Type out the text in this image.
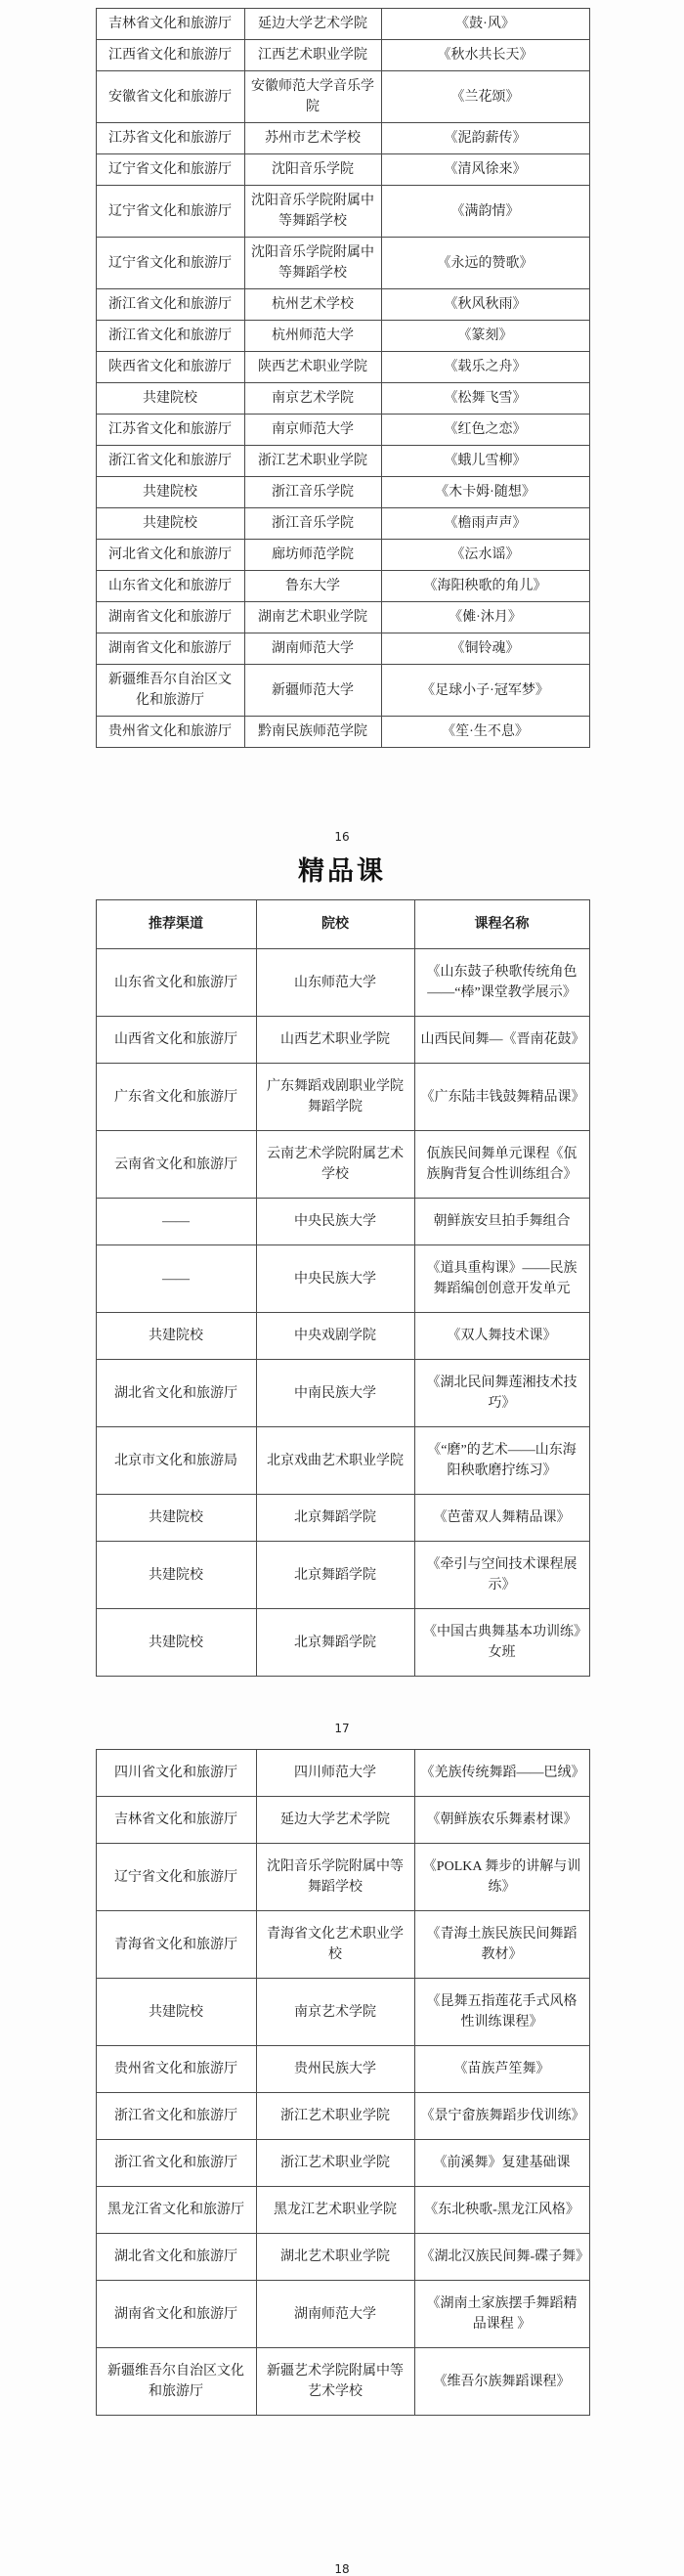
吉林省文化和旅游厅	延边大学艺术学院	《鼓·风》
江西省文化和旅游厅	江西艺术职业学院	《秋水共长天》
安徽省文化和旅游厅	安徽师范大学音乐学院	《兰花颂》
江苏省文化和旅游厅	苏州市艺术学校	《泥韵薪传》
辽宁省文化和旅游厅	沈阳音乐学院	《清风徐来》
辽宁省文化和旅游厅	沈阳音乐学院附属中等舞蹈学校	《满韵情》
辽宁省文化和旅游厅	沈阳音乐学院附属中等舞蹈学校	《永远的赞歌》
浙江省文化和旅游厅	杭州艺术学校	《秋风秋雨》
浙江省文化和旅游厅	杭州师范大学	《篆刻》
陕西省文化和旅游厅	陕西艺术职业学院	《载乐之舟》
共建院校	南京艺术学院	《松舞飞雪》
江苏省文化和旅游厅	南京师范大学	《红色之恋》
浙江省文化和旅游厅	浙江艺术职业学院	《蛾儿雪柳》
共建院校	浙江音乐学院	《木卡姆·随想》
共建院校	浙江音乐学院	《檐雨声声》
河北省文化和旅游厅	廊坊师范学院	《沄水谣》
山东省文化和旅游厅	鲁东大学	《海阳秧歌的角儿》
湖南省文化和旅游厅	湖南艺术职业学院	《傩·沐月》
湖南省文化和旅游厅	湖南师范大学	《铜铃魂》
新疆维吾尔自治区文化和旅游厅	新疆师范大学	《足球小子·冠军梦》
贵州省文化和旅游厅	黔南民族师范学院	《笙·生不息》
16
精品课
推荐渠道	院校	课程名称
山东省文化和旅游厅	山东师范大学	《山东鼓子秧歌传统角色——“棒”课堂教学展示》
山西省文化和旅游厅	山西艺术职业学院	山西民间舞—《晋南花鼓》
广东省文化和旅游厅	广东舞蹈戏剧职业学院舞蹈学院	《广东陆丰钱鼓舞精品课》
云南省文化和旅游厅	云南艺术学院附属艺术学校	佤族民间舞单元课程《佤族胸背复合性训练组合》
——	中央民族大学	朝鲜族安旦拍手舞组合
——	中央民族大学	《道具重构课》——民族舞蹈编创创意开发单元
共建院校	中央戏剧学院	《双人舞技术课》
湖北省文化和旅游厅	中南民族大学	《湖北民间舞莲湘技术技巧》
北京市文化和旅游局	北京戏曲艺术职业学院	《“磨”的艺术——山东海阳秧歌磨拧练习》
共建院校	北京舞蹈学院	《芭蕾双人舞精品课》
共建院校	北京舞蹈学院	《牵引与空间技术课程展示》
共建院校	北京舞蹈学院	《中国古典舞基本功训练》女班
17
四川省文化和旅游厅	四川师范大学	《羌族传统舞蹈——巴绒》
吉林省文化和旅游厅	延边大学艺术学院	《朝鲜族农乐舞素材课》
辽宁省文化和旅游厅	沈阳音乐学院附属中等舞蹈学校	《POLKA 舞步的讲解与训练》
青海省文化和旅游厅	青海省文化艺术职业学校	《青海土族民族民间舞蹈教材》
共建院校	南京艺术学院	《昆舞五指莲花手式风格性训练课程》
贵州省文化和旅游厅	贵州民族大学	《苗族芦笙舞》
浙江省文化和旅游厅	浙江艺术职业学院	《景宁畲族舞蹈步伐训练》
浙江省文化和旅游厅	浙江艺术职业学院	《前溪舞》复建基础课
黑龙江省文化和旅游厅	黑龙江艺术职业学院	《东北秧歌-黑龙江风格》
湖北省文化和旅游厅	湖北艺术职业学院	《湖北汉族民间舞-碟子舞》
湖南省文化和旅游厅	湖南师范大学	《湖南土家族摆手舞蹈精品课程 》
新疆维吾尔自治区文化和旅游厅	新疆艺术学院附属中等艺术学校	《维吾尔族舞蹈课程》
18
